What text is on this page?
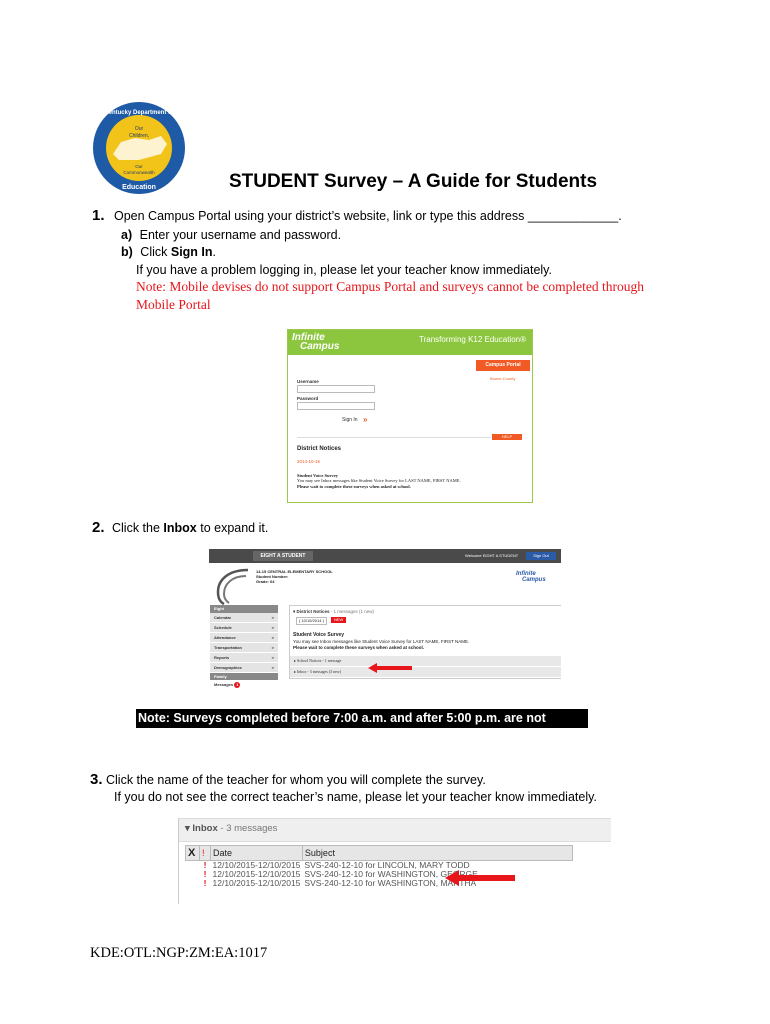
Kentucky Department of
Our
Children,
Our
Commonwealth
Education	STUDENT Survey – A Guide for Students
1. Open Campus Portal using your district’s website, link or type this address _____________.
a) Enter your username and password.
b) Click Sign In.
If you have a problem logging in, please let your teacher know immediately.
Note: Mobile devises do not support Campus Portal and surveys cannot be completed through
Mobile Portal
Infinite
Campus
Transforming K12 Education®
Campus Portal
Boone County
Username
Password
Sign In »
HELP
District Notices
2014-10-15
Student Voice Survey
You may see Inbox messages like Student Voice Survey for LAST NAME, FIRST NAME.
Please wait to complete these surveys when asked at school.
2. Click the Inbox to expand it.
EIGHT A STUDENT	Welcome EIGHT A STUDENT	Sign Out
14-15 CENTRAL ELEMENTARY SCHOOL
Student Number:
Grade: 04
Infinite
Campus
Eight
Calendar	>
Schedule	>
Attendance	>
Transportation	>
Reports	>
Demographics	>
Family
Messages 1
▾ District Notices - 1 messages (1 new)
( 10/15/2014 )	NEW
Student Voice Survey
You may see Inbox messages like Student Voice Survey for LAST NAME, FIRST NAME.
Please wait to complete these surveys when asked at school.
▸ School Notices - 1 message
▸ Inbox - 3 messages (3 new)
Note: Surveys completed before 7:00 a.m. and after 5:00 p.m. are not counted
3. Click the name of the teacher for whom you will complete the survey.
If you do not see the correct teacher’s name, please let your teacher know immediately.
▾ Inbox - 3 messages
X	!	Date	Subject
	!	12/10/2015-12/10/2015	SVS-240-12-10 for LINCOLN, MARY TODD
	!	12/10/2015-12/10/2015	SVS-240-12-10 for WASHINGTON, GEORGE
	!	12/10/2015-12/10/2015	SVS-240-12-10 for WASHINGTON, MARTHA
KDE:OTL:NGP:ZM:EA:1017
